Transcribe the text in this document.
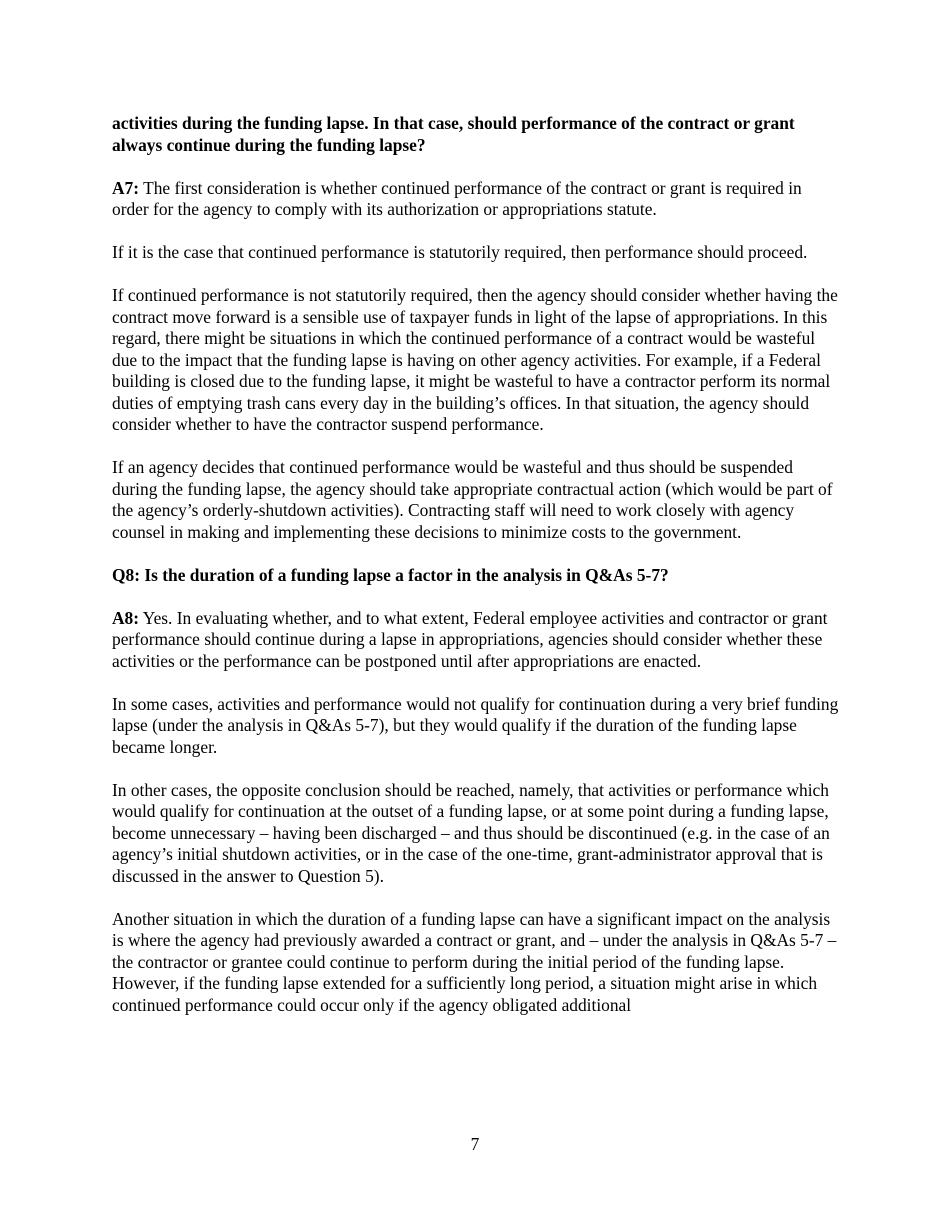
activities during the funding lapse. In that case, should performance of the contract or grant always continue during the funding lapse?

A7: The first consideration is whether continued performance of the contract or grant is required in order for the agency to comply with its authorization or appropriations statute.

If it is the case that continued performance is statutorily required, then performance should proceed.

If continued performance is not statutorily required, then the agency should consider whether having the contract move forward is a sensible use of taxpayer funds in light of the lapse of appropriations. In this regard, there might be situations in which the continued performance of a contract would be wasteful due to the impact that the funding lapse is having on other agency activities. For example, if a Federal building is closed due to the funding lapse, it might be wasteful to have a contractor perform its normal duties of emptying trash cans every day in the building’s offices. In that situation, the agency should consider whether to have the contractor suspend performance.

If an agency decides that continued performance would be wasteful and thus should be suspended during the funding lapse, the agency should take appropriate contractual action (which would be part of the agency’s orderly-shutdown activities). Contracting staff will need to work closely with agency counsel in making and implementing these decisions to minimize costs to the government.

Q8: Is the duration of a funding lapse a factor in the analysis in Q&As 5-7?

A8: Yes. In evaluating whether, and to what extent, Federal employee activities and contractor or grant performance should continue during a lapse in appropriations, agencies should consider whether these activities or the performance can be postponed until after appropriations are enacted.

In some cases, activities and performance would not qualify for continuation during a very brief funding lapse (under the analysis in Q&As 5-7), but they would qualify if the duration of the funding lapse became longer.

In other cases, the opposite conclusion should be reached, namely, that activities or performance which would qualify for continuation at the outset of a funding lapse, or at some point during a funding lapse, become unnecessary – having been discharged – and thus should be discontinued (e.g. in the case of an agency’s initial shutdown activities, or in the case of the one-time, grant-administrator approval that is discussed in the answer to Question 5).

Another situation in which the duration of a funding lapse can have a significant impact on the analysis is where the agency had previously awarded a contract or grant, and – under the analysis in Q&As 5-7 – the contractor or grantee could continue to perform during the initial period of the funding lapse. However, if the funding lapse extended for a sufficiently long period, a situation might arise in which continued performance could occur only if the agency obligated additional

7
